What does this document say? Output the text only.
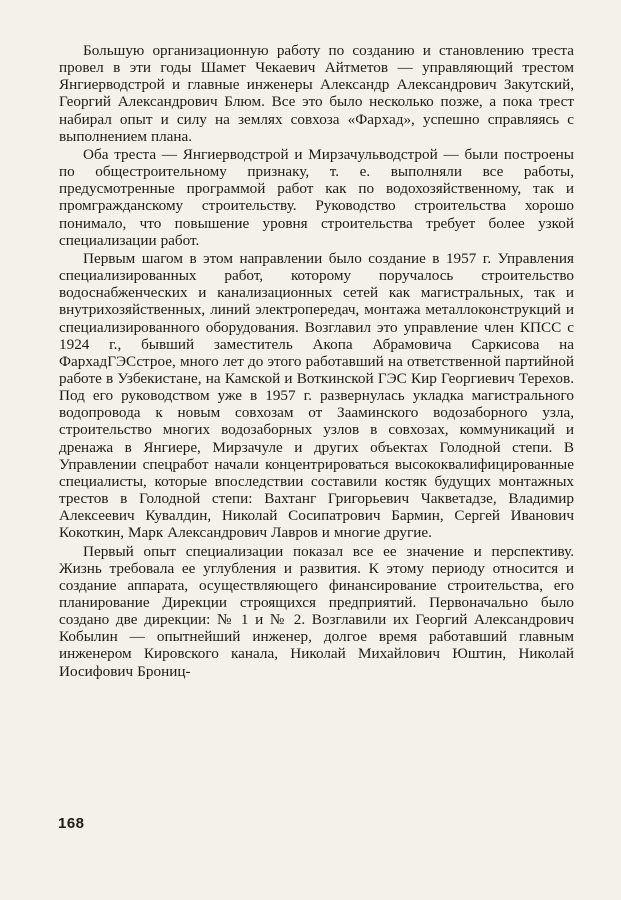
Большую организационную работу по созданию и становлению треста провел в эти годы Шамет Чекаевич Айтметов — управляющий трестом Янгиерводстрой и главные инженеры Александр Александрович Закутский, Георгий Александрович Блюм. Все это было несколько позже, а пока трест набирал опыт и силу на землях совхоза «Фархад», успешно справляясь с выполнением плана.

Оба треста — Янгиерводстрой и Мирзачульводстрой — были построены по общестроительному признаку, т. е. выполняли все работы, предусмотренные программой работ как по водохозяйственному, так и промгражданскому строительству. Руководство строительства хорошо понимало, что повышение уровня строительства требует более узкой специализации работ.

Первым шагом в этом направлении было создание в 1957 г. Управления специализированных работ, которому поручалось строительство водоснабженческих и канализационных сетей как магистральных, так и внутрихозяйственных, линий электропередач, монтажа металлоконструкций и специализированного оборудования. Возглавил это управление член КПСС с 1924 г., бывший заместитель Акопа Абрамовича Саркисова на ФархадГЭСстрое, много лет до этого работавший на ответственной партийной работе в Узбекистане, на Камской и Воткинской ГЭС Кир Георгиевич Терехов. Под его руководством уже в 1957 г. развернулась укладка магистрального водопровода к новым совхозам от Зааминского водозаборного узла, строительство многих водозаборных узлов в совхозах, коммуникаций и дренажа в Янгиере, Мирзачуле и других объектах Голодной степи. В Управлении спецработ начали концентрироваться высококвалифицированные специалисты, которые впоследствии составили костяк будущих монтажных трестов в Голодной степи: Вахтанг Григорьевич Чакветадзе, Владимир Алексеевич Кувалдин, Николай Сосипатрович Бармин, Сергей Иванович Кокоткин, Марк Александрович Лавров и многие другие.

Первый опыт специализации показал все ее значение и перспективу. Жизнь требовала ее углубления и развития. К этому периоду относится и создание аппарата, осуществляющего финансирование строительства, его планирование Дирекции строящихся предприятий. Первоначально было создано две дирекции: № 1 и № 2. Возглавили их Георгий Александрович Кобылин — опытнейший инженер, долгое время работавший главным инженером Кировского канала, Николай Михайлович Юштин, Николай Иосифович Брониц-

168
